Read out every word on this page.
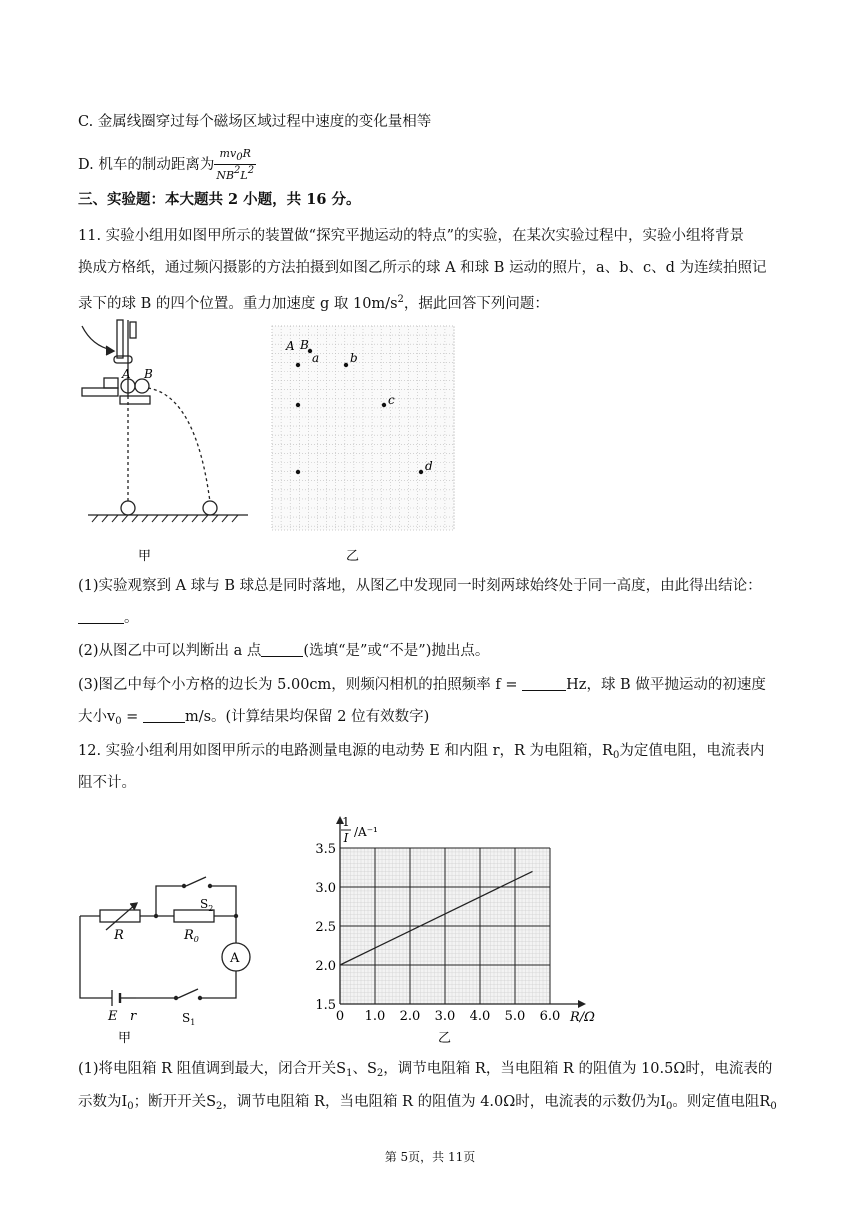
C. 金属线圈穿过每个磁场区域过程中速度的变化量相等
D. 机车的制动距离为 $\frac{mv0R}{NB2L2}$
三、实验题：本大题共 2 小题，共 16 分。
11. 实验小组用如图甲所示的装置做“探究平抛运动的特点”的实验，在某次实验过程中，实验小组将背景
换成方格纸，通过频闪摄影的方法拍摄到如图乙所示的球 A 和球 B 运动的照片，a、b、c、d 为连续拍照记
录下的球 B 的四个位置。重力加速度 g 取 $10m/s^2$，据此回答下列问题：
A B
甲
A B
a	b
c
d
乙
(1)实验观察到 A 球与 B 球总是同时落地，从图乙中发现同一时刻两球始终处于同一高度，由此得出结论：
。
(2)从图乙中可以判断出 a 点	(选填“是”或“不是”)抛出点。
(3)图乙中每个小方格的边长为 5.00cm，则频闪相机的拍照频率 f =	Hz，球 B 做平抛运动的初速度
大小$v_0$ =	m/s。(计算结果均保留 2 位有效数字)
12. 实验小组利用如图甲所示的电路测量电源的电动势 E 和内阻 r，R 为电阻箱，$R_0$为定值电阻，电流表内
阻不计。
R	$R_0$
$S_2$
$S_1$
A
E r
甲
0 1.0 2.0 3.0 4.0 5.0 6.0
1.5
2.0
2.5
3.0
3.5
1
I /A⁻¹
R/Ω
乙
(1)将电阻箱 R 阻值调到最大，闭合开关$S_1$、$S_2$，调节电阻箱 R，当电阻箱 R 的阻值为 10.5Ω时，电流表的
示数为$I_0$；断开开关$S_2$，调节电阻箱 R，当电阻箱 R 的阻值为 4.0Ω时，电流表的示数仍为$I_0$。则定值电阻$R_0$
第 5页，共 11页
